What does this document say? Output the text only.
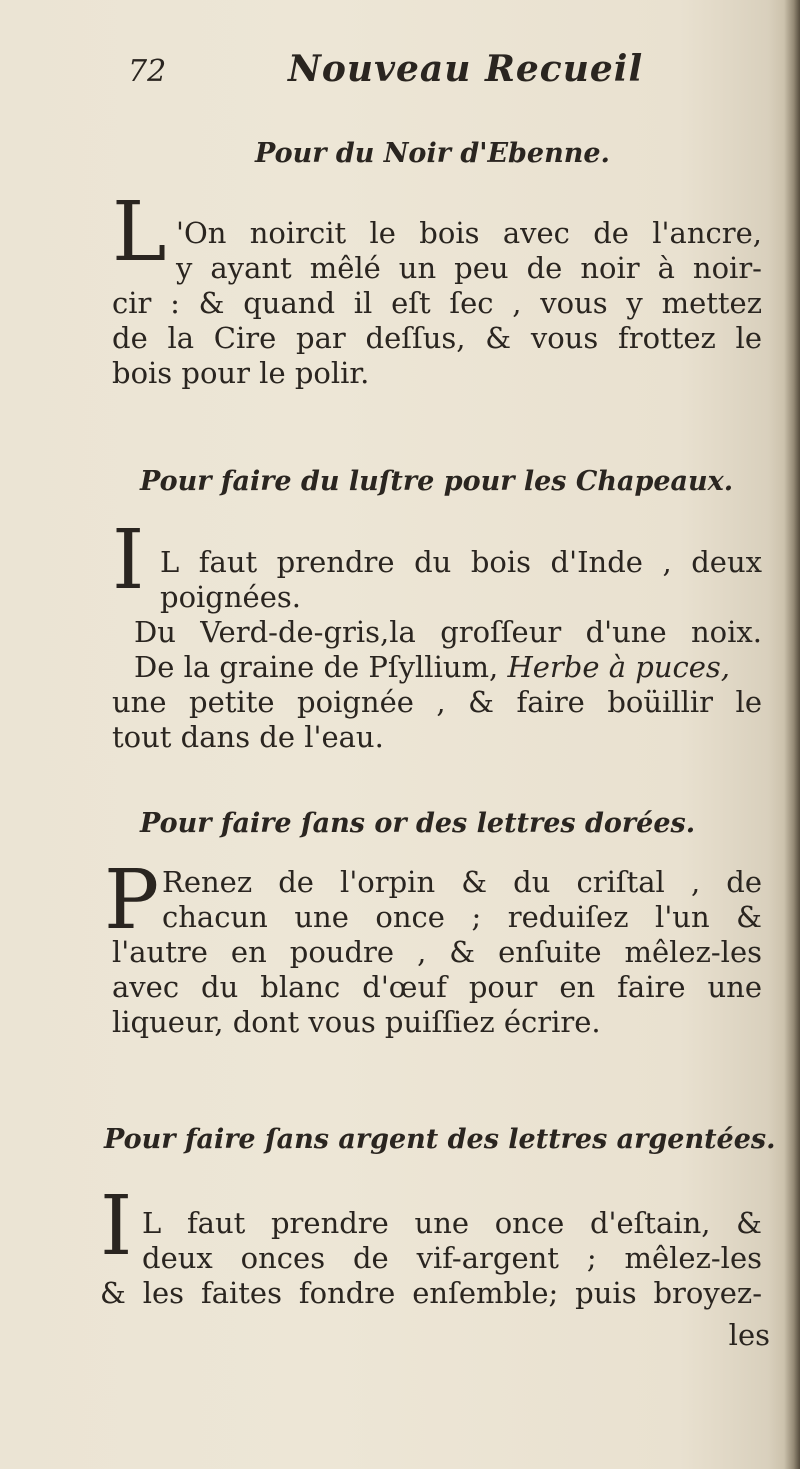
72	Nouveau Recueil
Pour du Noir d'Ebenne.
L 'On noircit le bois avec de l'ancre,
y ayant mêlé un peu de noir à noir-
cir : & quand il eſt ſec , vous y mettez
de la Cire par deſſus, & vous frottez le
bois pour le polir.
Pour faire du luſtre pour les Chapeaux.
I L faut prendre du bois d'Inde , deux
poignées.
Du Verd-de-gris,la groſſeur d'une noix.
De la graine de Pſyllium, Herbe à puces,
une petite poignée , & faire boüillir le
tout dans de l'eau.
Pour faire ſans or des lettres dorées.
P Renez de l'orpin & du criſtal , de
chacun une once ; reduiſez l'un &
l'autre en poudre , & enſuite mêlez-les
avec du blanc d'œuf pour en faire une
liqueur, dont vous puiſſiez écrire.
Pour faire ſans argent des lettres argentées.
I L faut prendre une once d'eſtain, &
deux onces de vif-argent ; mêlez-les
& les faites fondre enſemble; puis broyez-
les
